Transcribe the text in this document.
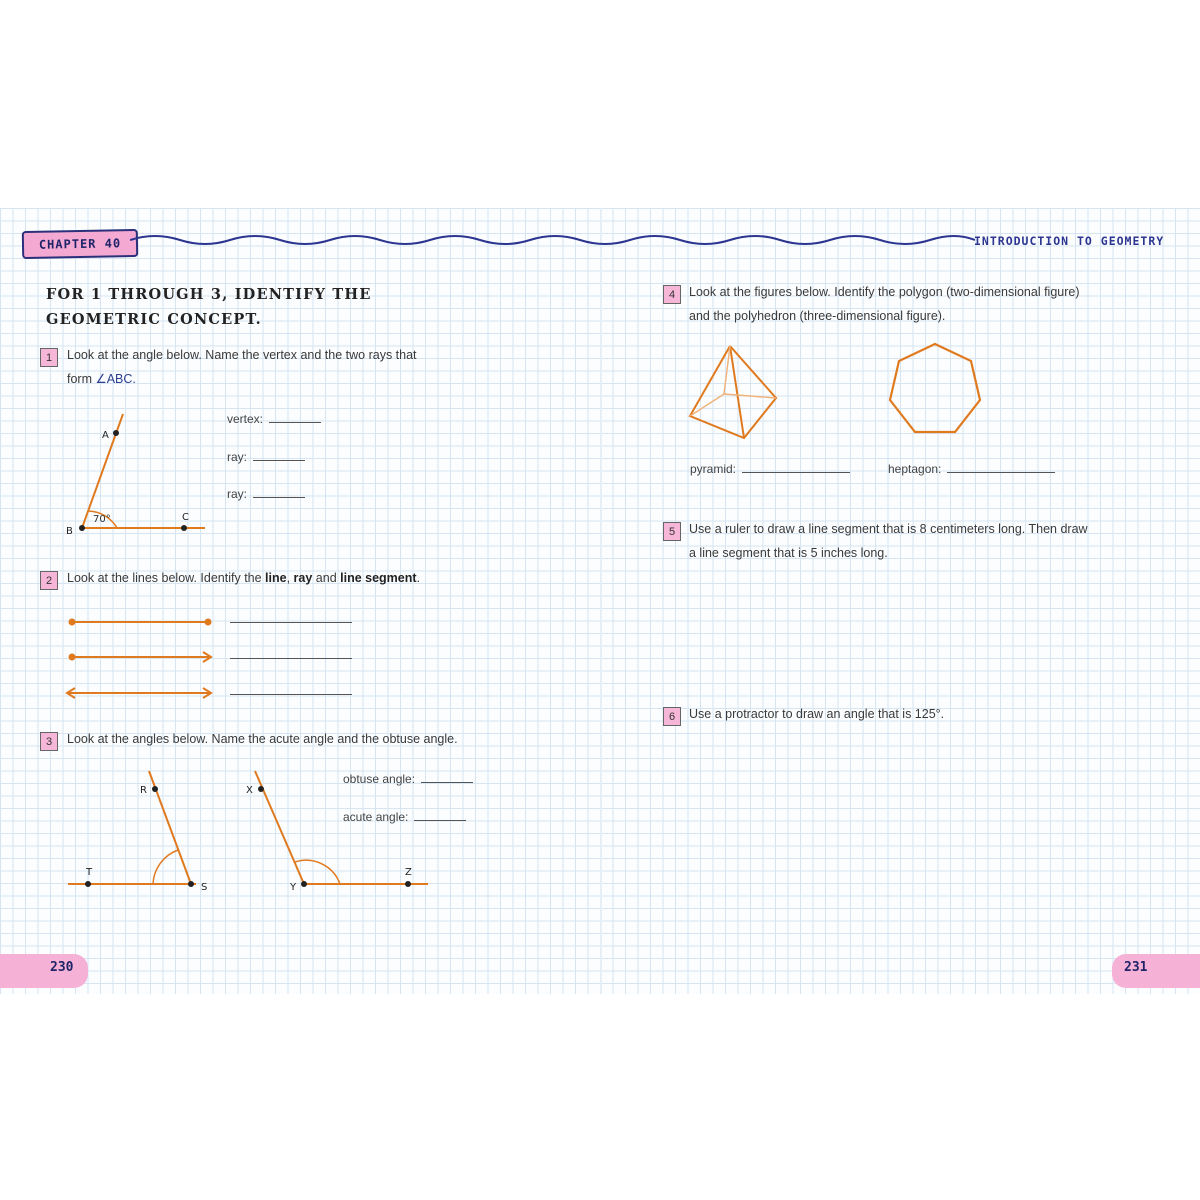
CHAPTER 40	INTRODUCTION TO GEOMETRY
FOR 1 THROUGH 3, IDENTIFY THE GEOMETRIC CONCEPT.
1	Look at the angle below. Name the vertex and the two rays that
form ∠ABC.
B
A
C
70°
vertex:
ray:
ray:
2	Look at the lines below. Identify the line, ray and line segment.
3	Look at the angles below. Name the acute angle and the obtuse angle.
R
T
S
X
Y
Z
obtuse angle:
acute angle:
230
4	Look at the figures below. Identify the polygon (two-dimensional figure)
and the polyhedron (three-dimensional figure).
pyramid:	heptagon:
5	Use a ruler to draw a line segment that is 8 centimeters long. Then draw
a line segment that is 5 inches long.
6	Use a protractor to draw an angle that is 125°.
231
